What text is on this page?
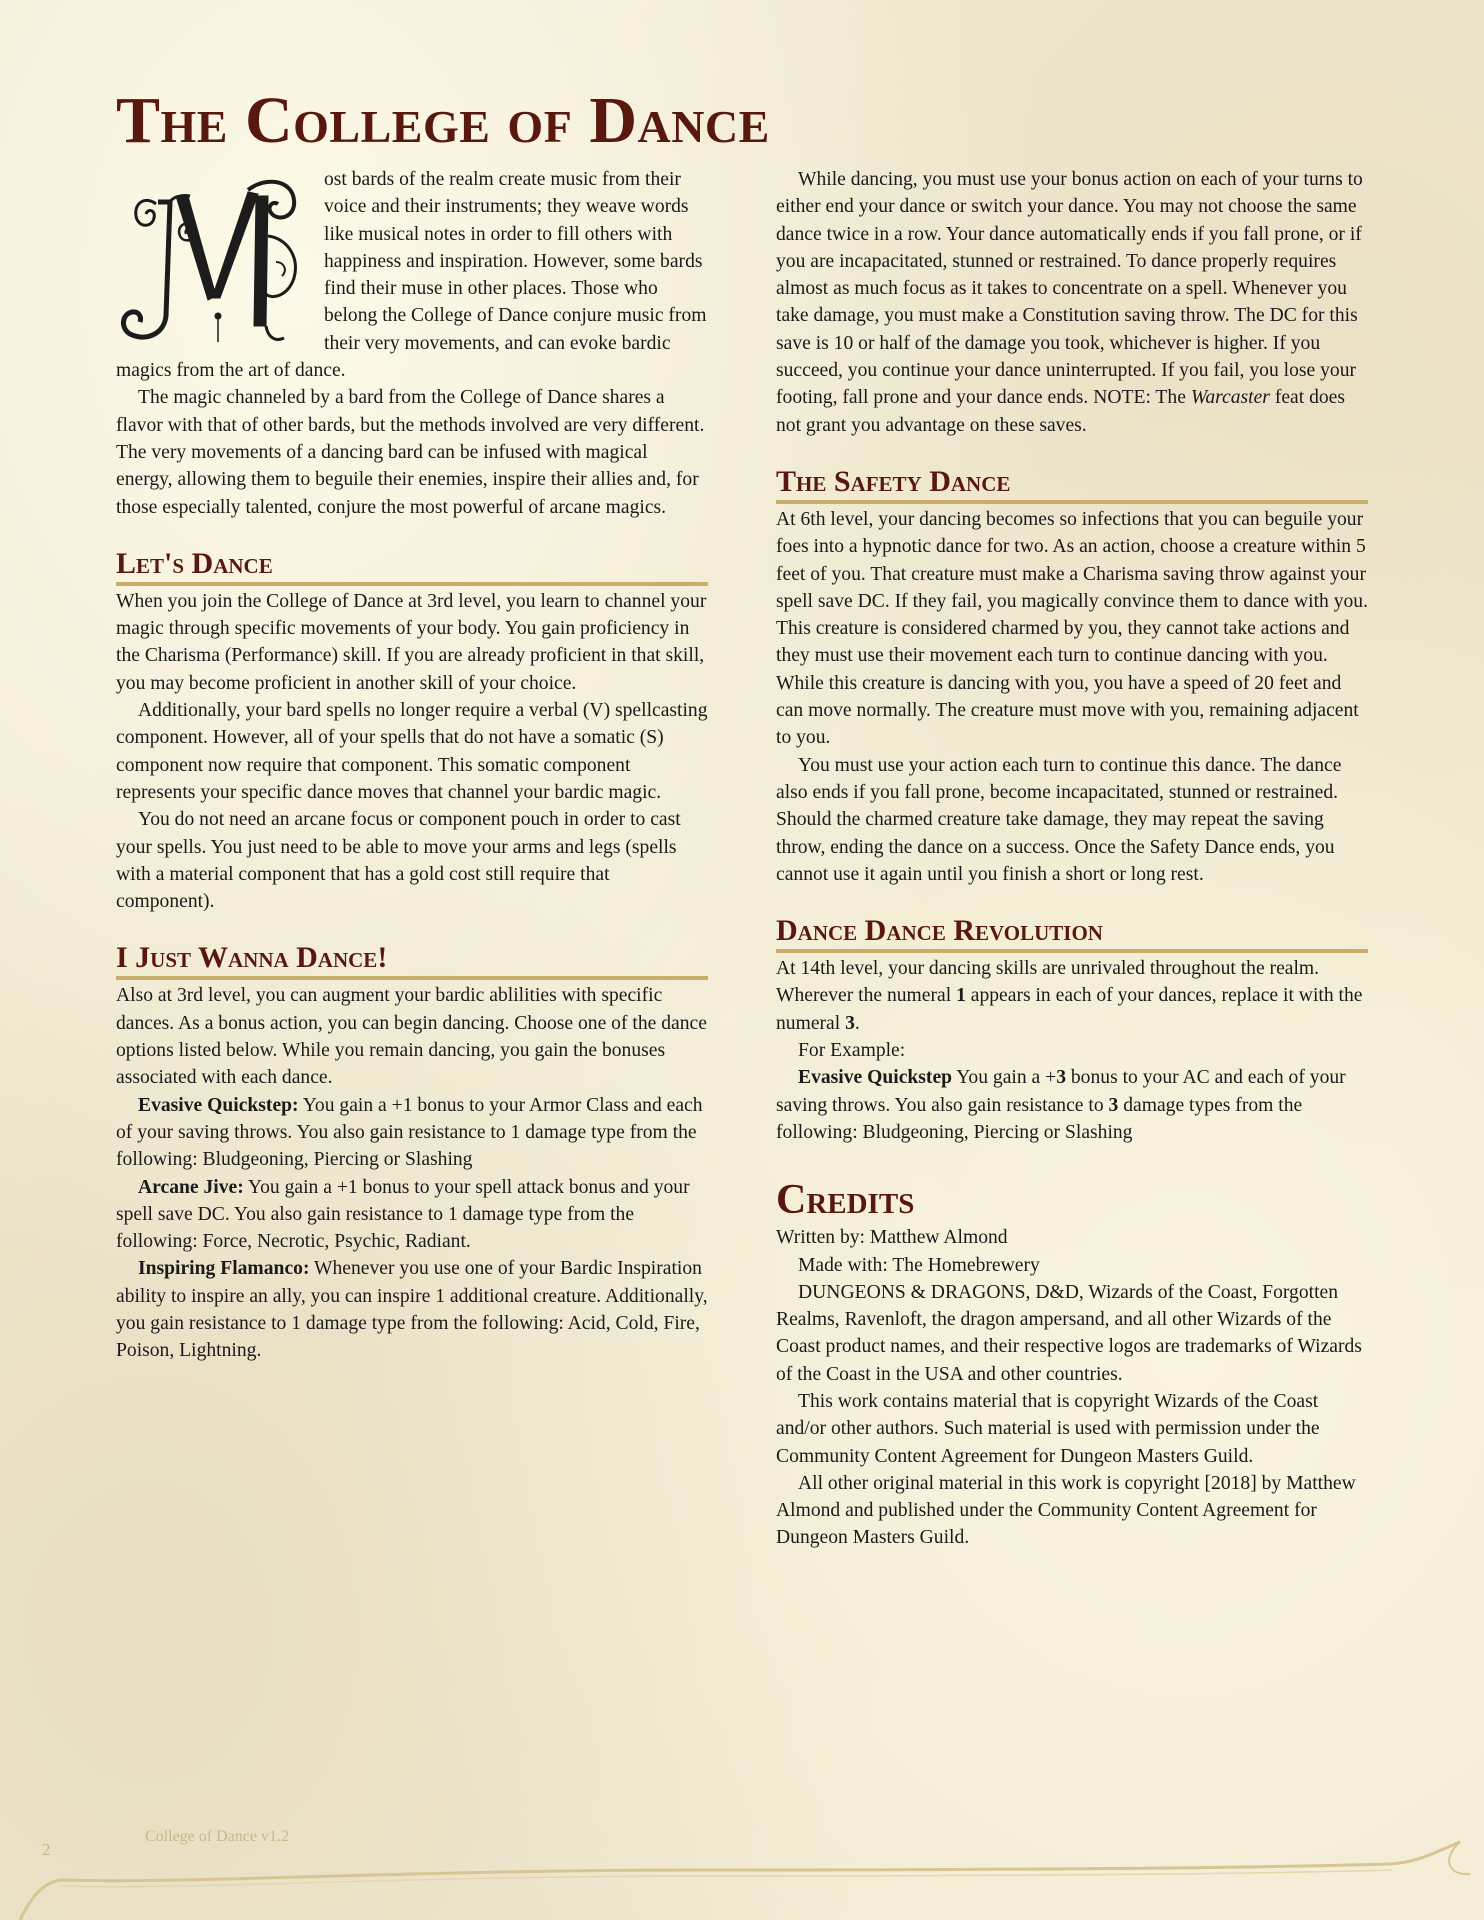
The College of Dance

ost bards of the realm create music from their voice and their instruments; they weave words like musical notes in order to fill others with happiness and inspiration. However, some bards find their muse in other places. Those who belong the College of Dance conjure music from their very movements, and can evoke bardic magics from the art of dance.

The magic channeled by a bard from the College of Dance shares a flavor with that of other bards, but the methods involved are very different. The very movements of a dancing bard can be infused with magical energy, allowing them to beguile their enemies, inspire their allies and, for those especially talented, conjure the most powerful of arcane magics.

Let's Dance

When you join the College of Dance at 3rd level, you learn to channel your magic through specific movements of your body. You gain proficiency in the Charisma (Performance) skill. If you are already proficient in that skill, you may become proficient in another skill of your choice.

Additionally, your bard spells no longer require a verbal (V) spellcasting component. However, all of your spells that do not have a somatic (S) component now require that component. This somatic component represents your specific dance moves that channel your bardic magic.

You do not need an arcane focus or component pouch in order to cast your spells. You just need to be able to move your arms and legs (spells with a material component that has a gold cost still require that component).

I Just Wanna Dance!

Also at 3rd level, you can augment your bardic ablilities with specific dances. As a bonus action, you can begin dancing. Choose one of the dance options listed below. While you remain dancing, you gain the bonuses associated with each dance.

Evasive Quickstep: You gain a +1 bonus to your Armor Class and each of your saving throws. You also gain resistance to 1 damage type from the following: Bludgeoning, Piercing or Slashing

Arcane Jive: You gain a +1 bonus to your spell attack bonus and your spell save DC. You also gain resistance to 1 damage type from the following: Force, Necrotic, Psychic, Radiant.

Inspiring Flamanco: Whenever you use one of your Bardic Inspiration ability to inspire an ally, you can inspire 1 additional creature. Additionally, you gain resistance to 1 damage type from the following: Acid, Cold, Fire, Poison, Lightning.

While dancing, you must use your bonus action on each of your turns to either end your dance or switch your dance. You may not choose the same dance twice in a row. Your dance automatically ends if you fall prone, or if you are incapacitated, stunned or restrained. To dance properly requires almost as much focus as it takes to concentrate on a spell. Whenever you take damage, you must make a Constitution saving throw. The DC for this save is 10 or half of the damage you took, whichever is higher. If you succeed, you continue your dance uninterrupted. If you fail, you lose your footing, fall prone and your dance ends. NOTE: The Warcaster feat does not grant you advantage on these saves.

The Safety Dance

At 6th level, your dancing becomes so infections that you can beguile your foes into a hypnotic dance for two. As an action, choose a creature within 5 feet of you. That creature must make a Charisma saving throw against your spell save DC. If they fail, you magically convince them to dance with you. This creature is considered charmed by you, they cannot take actions and they must use their movement each turn to continue dancing with you. While this creature is dancing with you, you have a speed of 20 feet and can move normally. The creature must move with you, remaining adjacent to you.

You must use your action each turn to continue this dance. The dance also ends if you fall prone, become incapacitated, stunned or restrained. Should the charmed creature take damage, they may repeat the saving throw, ending the dance on a success. Once the Safety Dance ends, you cannot use it again until you finish a short or long rest.

Dance Dance Revolution

At 14th level, your dancing skills are unrivaled throughout the realm. Wherever the numeral 1 appears in each of your dances, replace it with the numeral 3.

For Example:

Evasive Quickstep You gain a +3 bonus to your AC and each of your saving throws. You also gain resistance to 3 damage types from the following: Bludgeoning, Piercing or Slashing

Credits

Written by: Matthew Almond

Made with: The Homebrewery

DUNGEONS & DRAGONS, D&D, Wizards of the Coast, Forgotten Realms, Ravenloft, the dragon ampersand, and all other Wizards of the Coast product names, and their respective logos are trademarks of Wizards of the Coast in the USA and other countries.

This work contains material that is copyright Wizards of the Coast and/or other authors. Such material is used with permission under the Community Content Agreement for Dungeon Masters Guild.

All other original material in this work is copyright [2018] by Matthew Almond and published under the Community Content Agreement for Dungeon Masters Guild.

College of Dance v1.2
2
